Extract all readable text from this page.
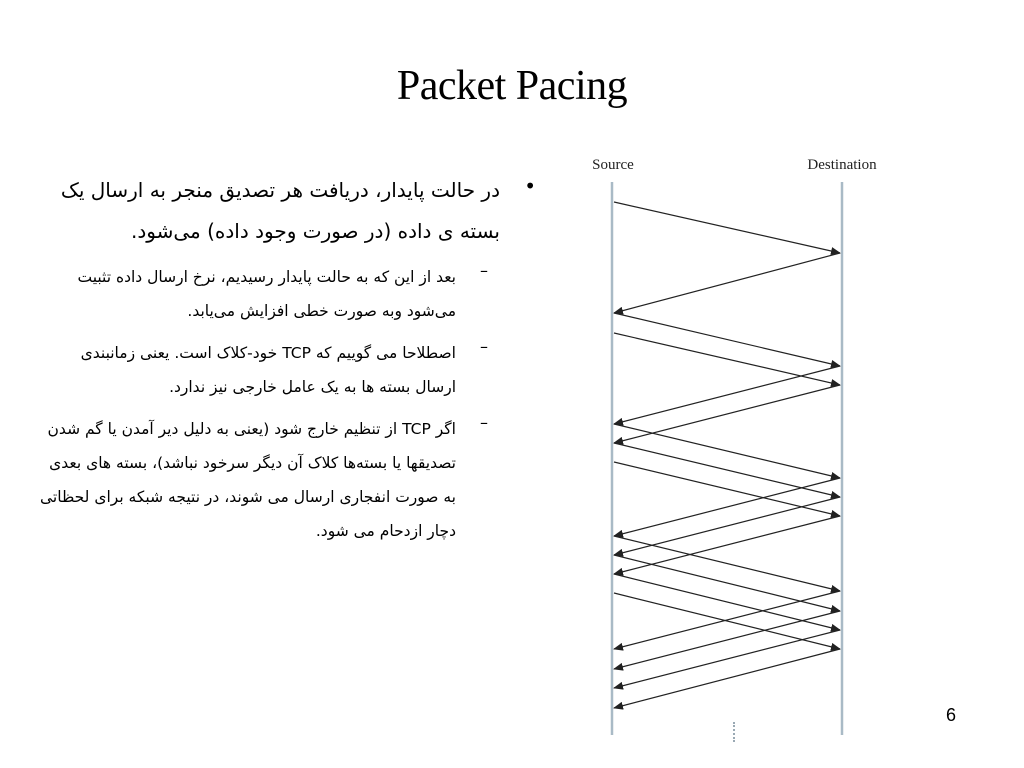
Packet Pacing
•
در حالت پایدار، دریافت هر تصدیق منجر به ارسال یک بسته ی داده (در صورت وجود داده) می‌شود.
–
بعد از این که به حالت پایدار رسیدیم، نرخ ارسال داده تثبیت می‌شود وبه صورت خطی افزایش می‌یابد.
–
اصطلاحا می گوییم که TCP خود-کلاک است. یعنی زمانبندی ارسال بسته ها به یک عامل خارجی نیز ندارد.
–
اگر TCP از تنظیم خارج شود (یعنی به دلیل دیر آمدن یا گم شدن تصدیقها یا بسته‌ها کلاک آن دیگر سرخود نباشد)، بسته های بعدی به صورت انفجاری ارسال می شوند، در نتیجه شبکه برای لحظاتی دچار ازدحام می شود.
Source	Destination
6
